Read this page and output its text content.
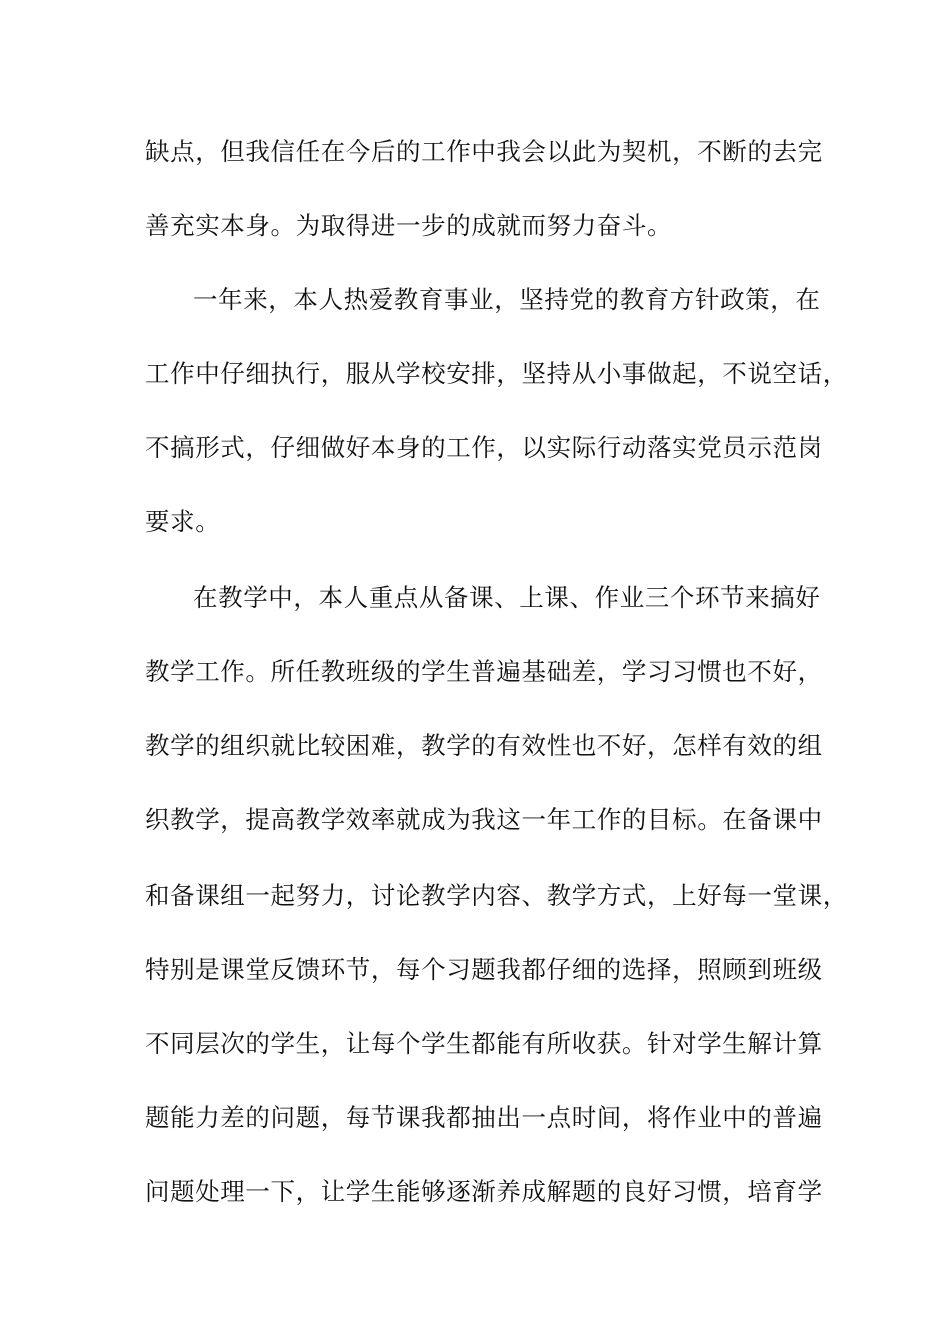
缺点，但我信任在今后的工作中我会以此为契机，不断的去完
善充实本身。为取得进一步的成就而努力奋斗。
一年来，本人热爱教育事业，坚持党的教育方针政策，在
工作中仔细执行，服从学校安排，坚持从小事做起，不说空话，
不搞形式，仔细做好本身的工作，以实际行动落实党员示范岗
要求。
在教学中，本人重点从备课、上课、作业三个环节来搞好
教学工作。所任教班级的学生普遍基础差，学习习惯也不好，
教学的组织就比较困难，教学的有效性也不好，怎样有效的组
织教学，提高教学效率就成为我这一年工作的目标。在备课中
和备课组一起努力，讨论教学内容、教学方式，上好每一堂课，
特别是课堂反馈环节，每个习题我都仔细的选择，照顾到班级
不同层次的学生，让每个学生都能有所收获。针对学生解计算
题能力差的问题，每节课我都抽出一点时间，将作业中的普遍
问题处理一下，让学生能够逐渐养成解题的良好习惯，培育学
